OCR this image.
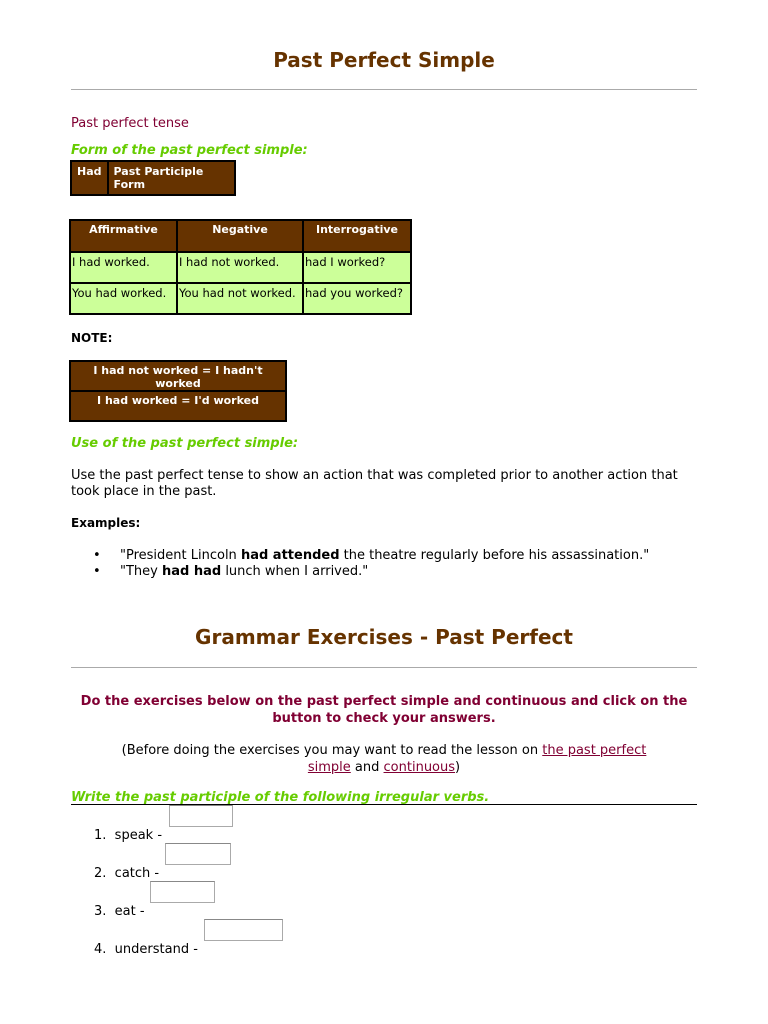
Past Perfect Simple
Past perfect tense
Form of the past perfect simple:
Had	Past Participle Form
Affirmative	Negative	Interrogative
I had worked.	I had not worked.	had I worked?
You had worked.	You had not worked.	had you worked?
NOTE:
I had not worked = I hadn't worked
I had worked = I'd worked
Use of the past perfect simple:
Use the past perfect tense to show an action that was completed prior to another action that took place in the past.
Examples:
• "President Lincoln had attended the theatre regularly before his assassination."
• "They had had lunch when I arrived."
Grammar Exercises - Past Perfect
Do the exercises below on the past perfect simple and continuous and click on the button to check your answers.
(Before doing the exercises you may want to read the lesson on the past perfect simple and continuous)
Write the past participle of the following irregular verbs.
1. speak -
2. catch -
3. eat -
4. understand -
